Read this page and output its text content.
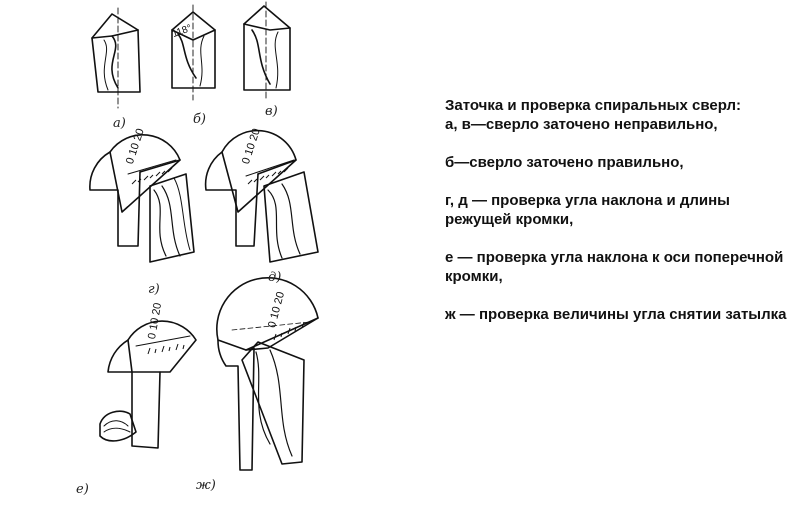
118°
0 10 20	0 10 20
0 10 20	0 10 20
а)	б)
в)
г)
д)
е)	ж)
Заточка и проверка спиральных сверл:
а, в—сверло заточено неправильно,
б—сверло заточено правильно,
г, д — проверка угла наклона и длины режущей кромки,
е — проверка угла наклона к оси поперечной кромки,
ж — проверка величины угла снятии затылка
